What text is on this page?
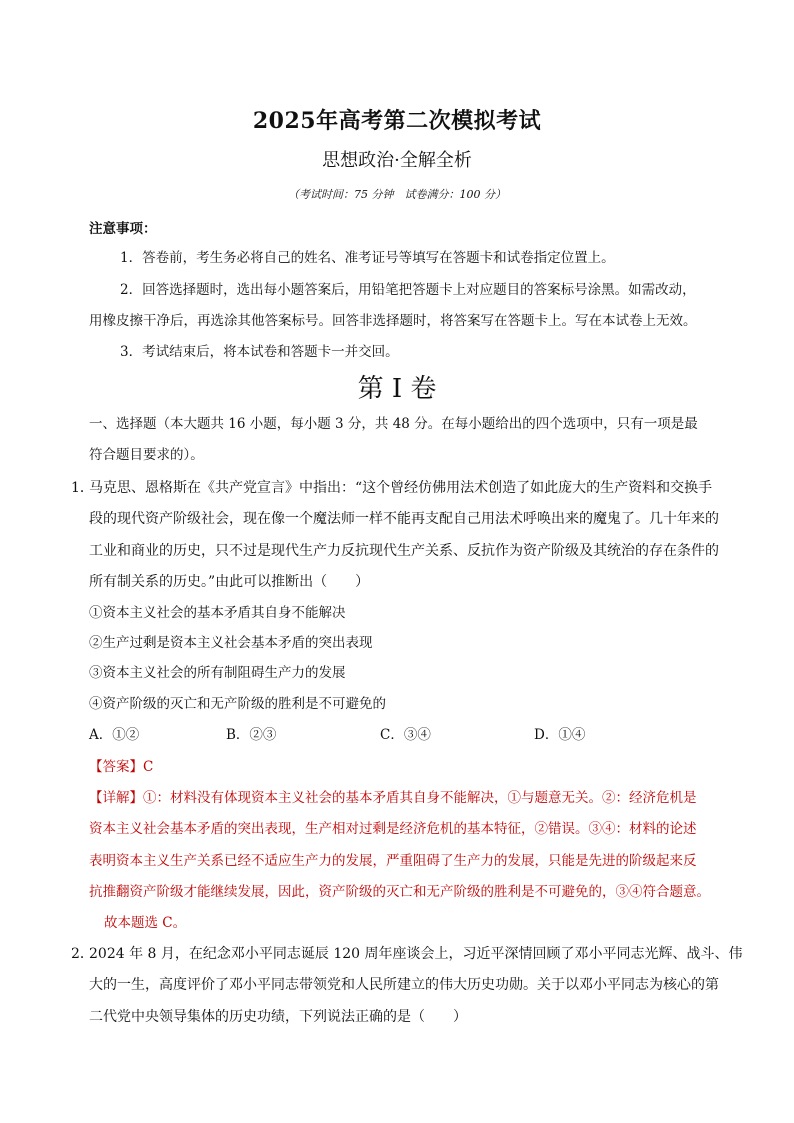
2025年高考第二次模拟考试
思想政治·全解全析
（考试时间：75 分钟　试卷满分：100 分）

注意事项：

1．答卷前，考生务必将自己的姓名、准考证号等填写在答题卡和试卷指定位置上。

2．回答选择题时，选出每小题答案后，用铅笔把答题卡上对应题目的答案标号涂黑。如需改动，

用橡皮擦干净后，再选涂其他答案标号。回答非选择题时，将答案写在答题卡上。写在本试卷上无效。

3．考试结束后，将本试卷和答题卡一并交回。

第 I 卷

一、选择题（本大题共 16 小题，每小题 3 分，共 48 分。在每小题给出的四个选项中，只有一项是最

符合题目要求的）。

1．

马克思、恩格斯在《共产党宣言》中指出：“这个曾经仿佛用法术创造了如此庞大的生产资料和交换手

段的现代资产阶级社会，现在像一个魔法师一样不能再支配自己用法术呼唤出来的魔鬼了。几十年来的

工业和商业的历史，只不过是现代生产力反抗现代生产关系、反抗作为资产阶级及其统治的存在条件的

所有制关系的历史。”由此可以推断出（　　）

①资本主义社会的基本矛盾其自身不能解决

②生产过剩是资本主义社会基本矛盾的突出表现

③资本主义社会的所有制阻碍生产力的发展

④资产阶级的灭亡和无产阶级的胜利是不可避免的

A．①②	B．②③	C．③④	D．①④

【答案】C

【详解】①：材料没有体现资本主义社会的基本矛盾其自身不能解决，①与题意无关。②：经济危机是

资本主义社会基本矛盾的突出表现，生产相对过剩是经济危机的基本特征，②错误。③④：材料的论述

表明资本主义生产关系已经不适应生产力的发展，严重阻碍了生产力的发展，只能是先进的阶级起来反

抗推翻资产阶级才能继续发展，因此，资产阶级的灭亡和无产阶级的胜利是不可避免的，③④符合题意。

故本题选 C。

2．

2024 年 8 月，在纪念邓小平同志诞辰 120 周年座谈会上，习近平深情回顾了邓小平同志光辉、战斗、伟

大的一生，高度评价了邓小平同志带领党和人民所建立的伟大历史功勋。关于以邓小平同志为核心的第

二代党中央领导集体的历史功绩，下列说法正确的是（　　）
